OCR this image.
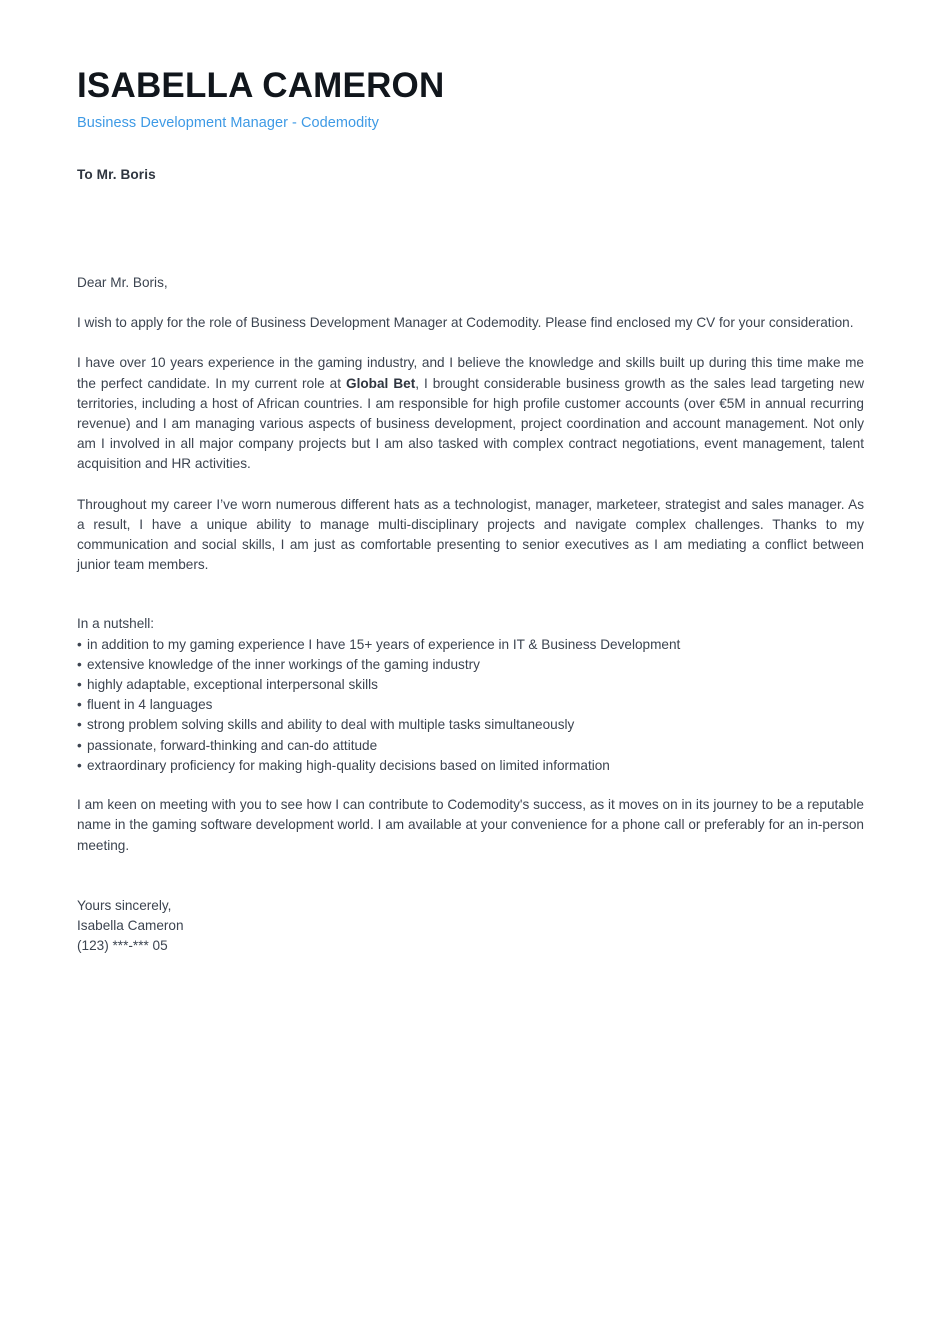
ISABELLA CAMERON
Business Development Manager - Codemodity
To Mr. Boris

Dear Mr. Boris,

I wish to apply for the role of Business Development Manager at Codemodity. Please find enclosed my CV for your consideration.

I have over 10 years experience in the gaming industry, and I believe the knowledge and skills built up during this time make me the perfect candidate. In my current role at Global Bet, I brought considerable business growth as the sales lead targeting new territories, including a host of African countries. I am responsible for high profile customer accounts (over €5M in annual recurring revenue) and I am managing various aspects of business development, project coordination and account management. Not only am I involved in all major company projects but I am also tasked with complex contract negotiations, event management, talent acquisition and HR activities.

Throughout my career I’ve worn numerous different hats as a technologist, manager, marketeer, strategist and sales manager. As a result, I have a unique ability to manage multi-disciplinary projects and navigate complex challenges. Thanks to my communication and social skills, I am just as comfortable presenting to senior executives as I am mediating a conflict between junior team members.

In a nutshell:
• in addition to my gaming experience I have 15+ years of experience in IT & Business Development
• extensive knowledge of the inner workings of the gaming industry
• highly adaptable, exceptional interpersonal skills
• fluent in 4 languages
• strong problem solving skills and ability to deal with multiple tasks simultaneously
• passionate, forward-thinking and can-do attitude
• extraordinary proficiency for making high-quality decisions based on limited information

I am keen on meeting with you to see how I can contribute to Codemodity's success, as it moves on in its journey to be a reputable name in the gaming software development world. I am available at your convenience for a phone call or preferably for an in-person meeting.

Yours sincerely,
Isabella Cameron
(123) ***-*** 05
